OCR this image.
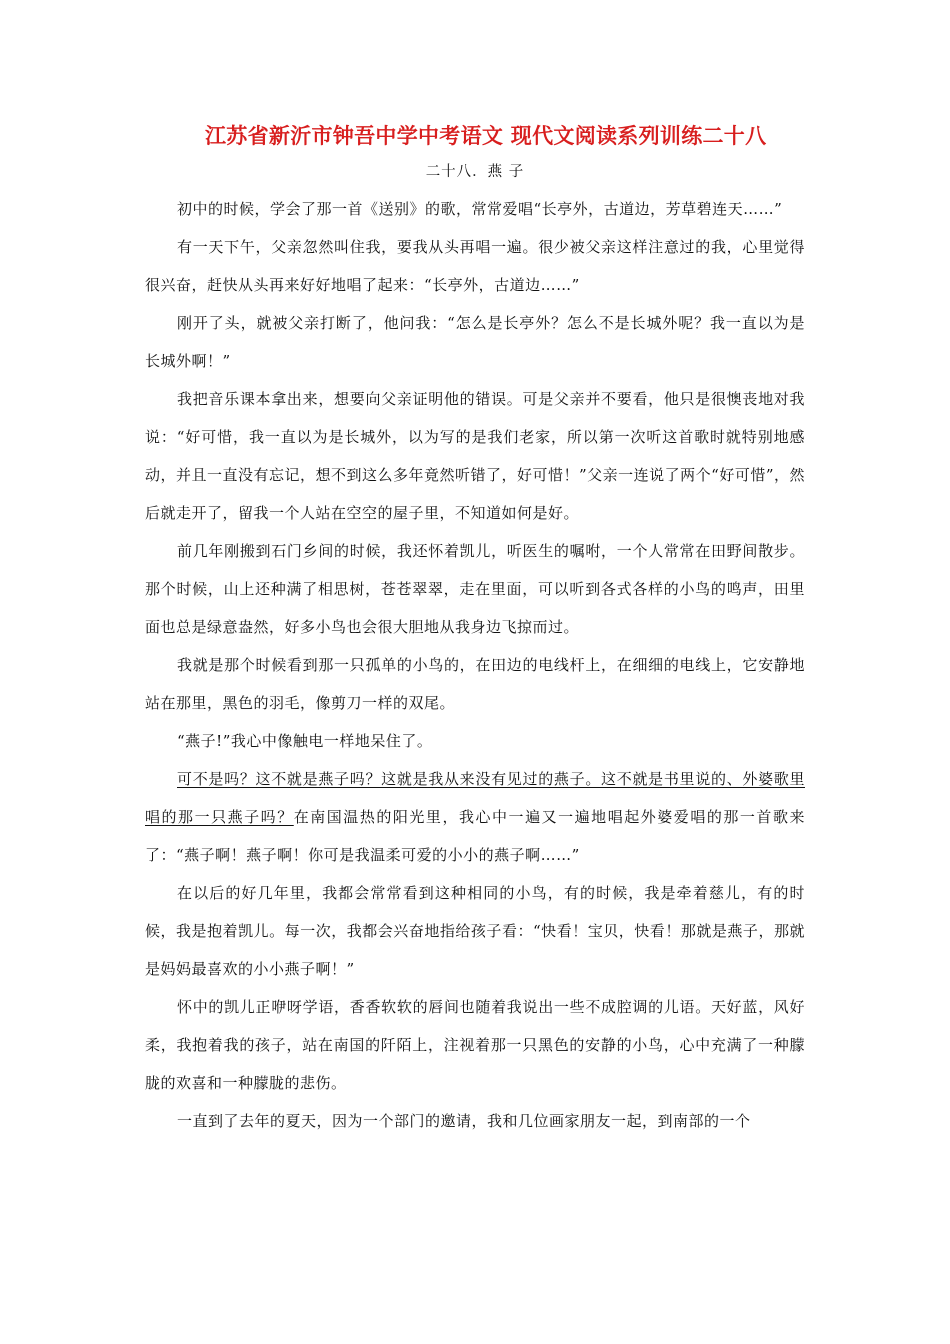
江苏省新沂市钟吾中学中考语文 现代文阅读系列训练二十八
二十八．燕 子

初中的时候，学会了那一首《送别》的歌，常常爱唱“长亭外，古道边，芳草碧连天……”

有一天下午，父亲忽然叫住我，要我从头再唱一遍。很少被父亲这样注意过的我，心里觉得很兴奋，赶快从头再来好好地唱了起来：“长亭外，古道边……”

刚开了头，就被父亲打断了，他问我：“怎么是长亭外？怎么不是长城外呢？我一直以为是长城外啊！”

我把音乐课本拿出来，想要向父亲证明他的错误。可是父亲并不要看，他只是很懊丧地对我说：“好可惜，我一直以为是长城外，以为写的是我们老家，所以第一次听这首歌时就特别地感动，并且一直没有忘记，想不到这么多年竟然听错了，好可惜！”父亲一连说了两个“好可惜”，然后就走开了，留我一个人站在空空的屋子里，不知道如何是好。

前几年刚搬到石门乡间的时候，我还怀着凯儿，听医生的嘱咐，一个人常常在田野间散步。那个时候，山上还种满了相思树，苍苍翠翠，走在里面，可以听到各式各样的小鸟的鸣声，田里面也总是绿意盎然，好多小鸟也会很大胆地从我身边飞掠而过。

我就是那个时候看到那一只孤单的小鸟的，在田边的电线杆上，在细细的电线上，它安静地站在那里，黑色的羽毛，像剪刀一样的双尾。

“燕子!”我心中像触电一样地呆住了。

可不是吗？这不就是燕子吗？这就是我从来没有见过的燕子。这不就是书里说的、外婆歌里唱的那一只燕子吗？在南国温热的阳光里，我心中一遍又一遍地唱起外婆爱唱的那一首歌来了：“燕子啊！燕子啊！你可是我温柔可爱的小小的燕子啊……”

在以后的好几年里，我都会常常看到这种相同的小鸟，有的时候，我是牵着慈儿，有的时候，我是抱着凯儿。每一次，我都会兴奋地指给孩子看：“快看！宝贝，快看！那就是燕子，那就是妈妈最喜欢的小小燕子啊！”

怀中的凯儿正咿呀学语，香香软软的唇间也随着我说出一些不成腔调的儿语。天好蓝，风好柔，我抱着我的孩子，站在南国的阡陌上，注视着那一只黑色的安静的小鸟，心中充满了一种朦胧的欢喜和一种朦胧的悲伤。

一直到了去年的夏天，因为一个部门的邀请，我和几位画家朋友一起，到南部的一个
